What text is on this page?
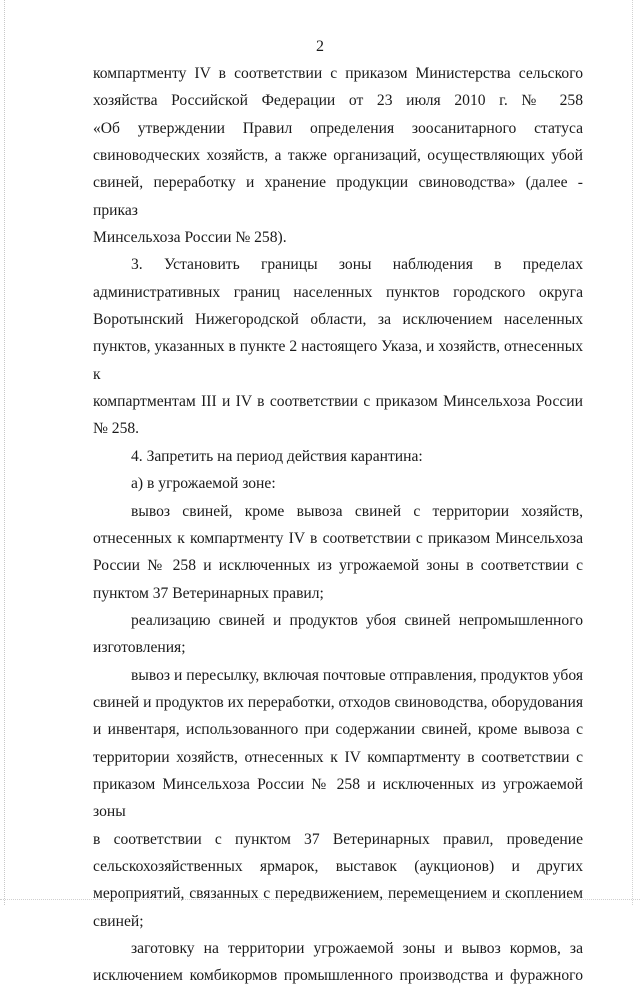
2

компартменту IV в соответствии с приказом Министерства сельского

хозяйства Российской Федерации от 23 июля 2010 г. № 258

«Об утверждении Правил определения зоосанитарного статуса

свиноводческих хозяйств, а также организаций, осуществляющих убой

свиней, переработку и хранение продукции свиноводства» (далее - приказ

Минсельхоза России № 258).

3. Установить границы зоны наблюдения в пределах

административных границ населенных пунктов городского округа

Воротынский Нижегородской области, за исключением населенных

пунктов, указанных в пункте 2 настоящего Указа, и хозяйств, отнесенных к

компартментам III и IV в соответствии с приказом Минсельхоза России

№ 258.

4. Запретить на период действия карантина:

а) в угрожаемой зоне:

вывоз свиней, кроме вывоза свиней с территории хозяйств,

отнесенных к компартменту IV в соответствии с приказом Минсельхоза

России № 258 и исключенных из угрожаемой зоны в соответствии с

пунктом 37 Ветеринарных правил;

реализацию свиней и продуктов убоя свиней непромышленного

изготовления;

вывоз и пересылку, включая почтовые отправления, продуктов убоя

свиней и продуктов их переработки, отходов свиноводства, оборудования

и инвентаря, использованного при содержании свиней, кроме вывоза с

территории хозяйств, отнесенных к IV компартменту в соответствии с

приказом Минсельхоза России № 258 и исключенных из угрожаемой зоны

в соответствии с пунктом 37 Ветеринарных правил, проведение

сельскохозяйственных ярмарок, выставок (аукционов) и других

мероприятий, связанных с передвижением, перемещением и скоплением

свиней;

заготовку на территории угрожаемой зоны и вывоз кормов, за

исключением комбикормов промышленного производства и фуражного
